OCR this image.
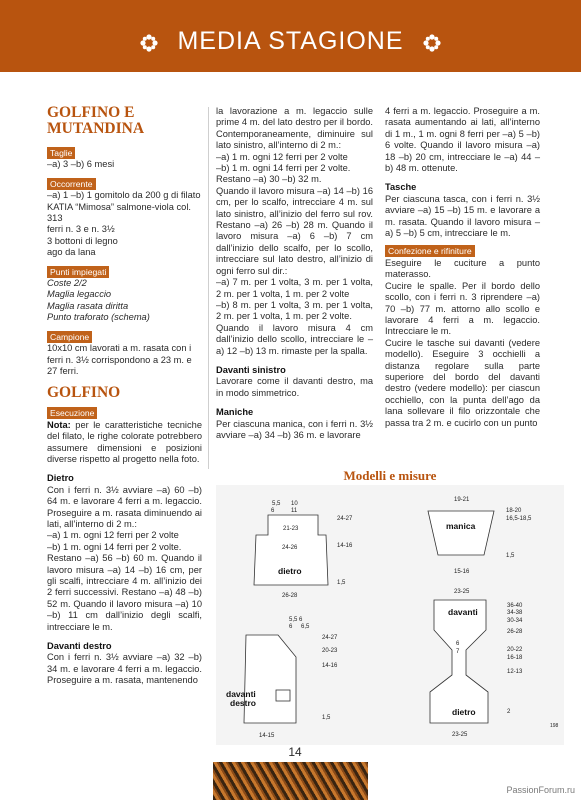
MEDIA STAGIONE
GOLFINO E MUTANDINA
Taglie

–a) 3 –b) 6 mesi

Occorrente

–a) 1 –b) 1 gomitolo da 200 g di filato KATIA “Mimosa” salmone-viola col. 313

ferri n. 3 e n. 3½

3 bottoni di legno

ago da lana

Punti impiegati

Coste 2/2

Maglia legaccio

Maglia rasata diritta

Punto traforato (schema)

Campione

10x10 cm lavorati a m. rasata con i ferri n. 3½ corrispondono a 23 m. e 27 ferri.

GOLFINO
Esecuzione

Nota: per le caratteristiche tecniche del filato, le righe colorate potrebbero assumere dimensioni e posizioni diverse rispetto al progetto nella foto.

Dietro

Con i ferri n. 3½ avviare –a) 60 –b) 64 m. e lavorare 4 ferri a m. legaccio. Proseguire a m. rasata diminuendo ai lati, all’interno di 2 m.:

–a) 1 m. ogni 12 ferri per 2 volte

–b) 1 m. ogni 14 ferri per 2 volte.

Restano –a) 56 –b) 60 m. Quando il lavoro misura –a) 14 –b) 16 cm, per gli scalfi, intrecciare 4 m. all’inizio dei 2 ferri successivi. Restano –a) 48 –b) 52 m. Quando il lavoro misura –a) 10 –b) 11 cm dall’inizio degli scalfi, intrecciare le m.

Davanti destro

Con i ferri n. 3½ avviare –a) 32 –b) 34 m. e lavorare 4 ferri a m. legaccio. Proseguire a m. rasata, mantenendo

la lavorazione a m. legaccio sulle prime 4 m. del lato destro per il bordo. Contemporaneamente, diminuire sul lato sinistro, all’interno di 2 m.:

–a) 1 m. ogni 12 ferri per 2 volte

–b) 1 m. ogni 14 ferri per 2 volte.

Restano –a) 30 –b) 32 m.

Quando il lavoro misura –a) 14 –b) 16 cm, per lo scalfo, intrecciare 4 m. sul lato sinistro, all’inizio del ferro sul rov. Restano –a) 26 –b) 28 m. Quando il lavoro misura –a) 6 –b) 7 cm dall’inizio dello scalfo, per lo scollo, intrecciare sul lato destro, all’inizio di ogni ferro sul dir.:

–a) 7 m. per 1 volta, 3 m. per 1 volta, 2 m. per 1 volta, 1 m. per 2 volte

–b) 8 m. per 1 volta, 3 m. per 1 volta, 2 m. per 1 volta, 1 m. per 2 volte.

Quando il lavoro misura 4 cm dall’inizio dello scollo, intrecciare le –a) 12 –b) 13 m. rimaste per la spalla.

Davanti sinistro

Lavorare come il davanti destro, ma in modo simmetrico.

Maniche

Per ciascuna manica, con i ferri n. 3½ avviare –a) 34 –b) 36 m. e lavorare

4 ferri a m. legaccio. Proseguire a m. rasata aumentando ai lati, all’interno di 1 m., 1 m. ogni 8 ferri per –a) 5 –b) 6 volte. Quando il lavoro misura –a) 18 –b) 20 cm, intrecciare le –a) 44 –b) 48 m. ottenute.

Tasche

Per ciascuna tasca, con i ferri n. 3½ avviare –a) 15 –b) 15 m. e lavorare a m. rasata. Quando il lavoro misura –a) 5 –b) 5 cm, intrecciare le m.

Confezione e rifiniture

Eseguire le cuciture a punto materasso.

Cucire le spalle. Per il bordo dello scollo, con i ferri n. 3 riprendere –a) 70 –b) 77 m. attorno allo scollo e lavorare 4 ferri a m. legaccio. Intrecciare le m.

Cucire le tasche sui davanti (vedere modello). Eseguire 3 occhielli a distanza regolare sulla parte superiore del bordo del davanti destro (vedere modello): per ciascun occhiello, con la punta dell’ago da lana sollevare il filo orizzontale che passa tra 2 m. e cucirlo con un punto

Modelli e misure
5,5 10
6	11
21-23
24-26
26-28
24-27
14-16
1,5
5,5 6
6 6,5
24-27
20-23
14-16
1,5
14-15
19-21
18-20
16,5-18,5
1,5
15-16
23-25
6
7
23-25
36-40
34-38
30-34
26-28
20-22
16-18
12-13
2
198
dietro
davanti
destro
manica
davanti
dietro
14
PassionForum.ru
